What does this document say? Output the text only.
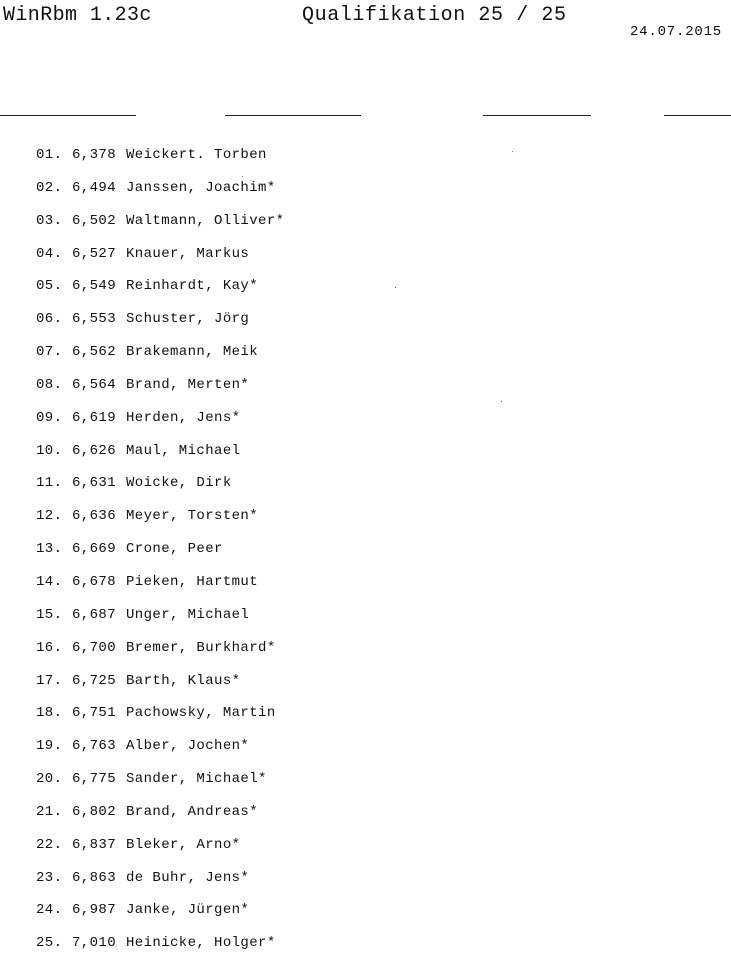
WinRbm 1.23c	Qualifikation 25 / 25
24.07.2015
01. 6,378 Weickert. Torben
02. 6,494 Janssen, Joachim*
03. 6,502 Waltmann, Olliver*
04. 6,527 Knauer, Markus
05. 6,549 Reinhardt, Kay*
06. 6,553 Schuster, Jörg
07. 6,562 Brakemann, Meik
08. 6,564 Brand, Merten*
09. 6,619 Herden, Jens*
10. 6,626 Maul, Michael
11. 6,631 Woicke, Dirk
12. 6,636 Meyer, Torsten*
13. 6,669 Crone, Peer
14. 6,678 Pieken, Hartmut
15. 6,687 Unger, Michael
16. 6,700 Bremer, Burkhard*
17. 6,725 Barth, Klaus*
18. 6,751 Pachowsky, Martin
19. 6,763 Alber, Jochen*
20. 6,775 Sander, Michael*
21. 6,802 Brand, Andreas*
22. 6,837 Bleker, Arno*
23. 6,863 de Buhr, Jens*
24. 6,987 Janke, Jürgen*
25. 7,010 Heinicke, Holger*
